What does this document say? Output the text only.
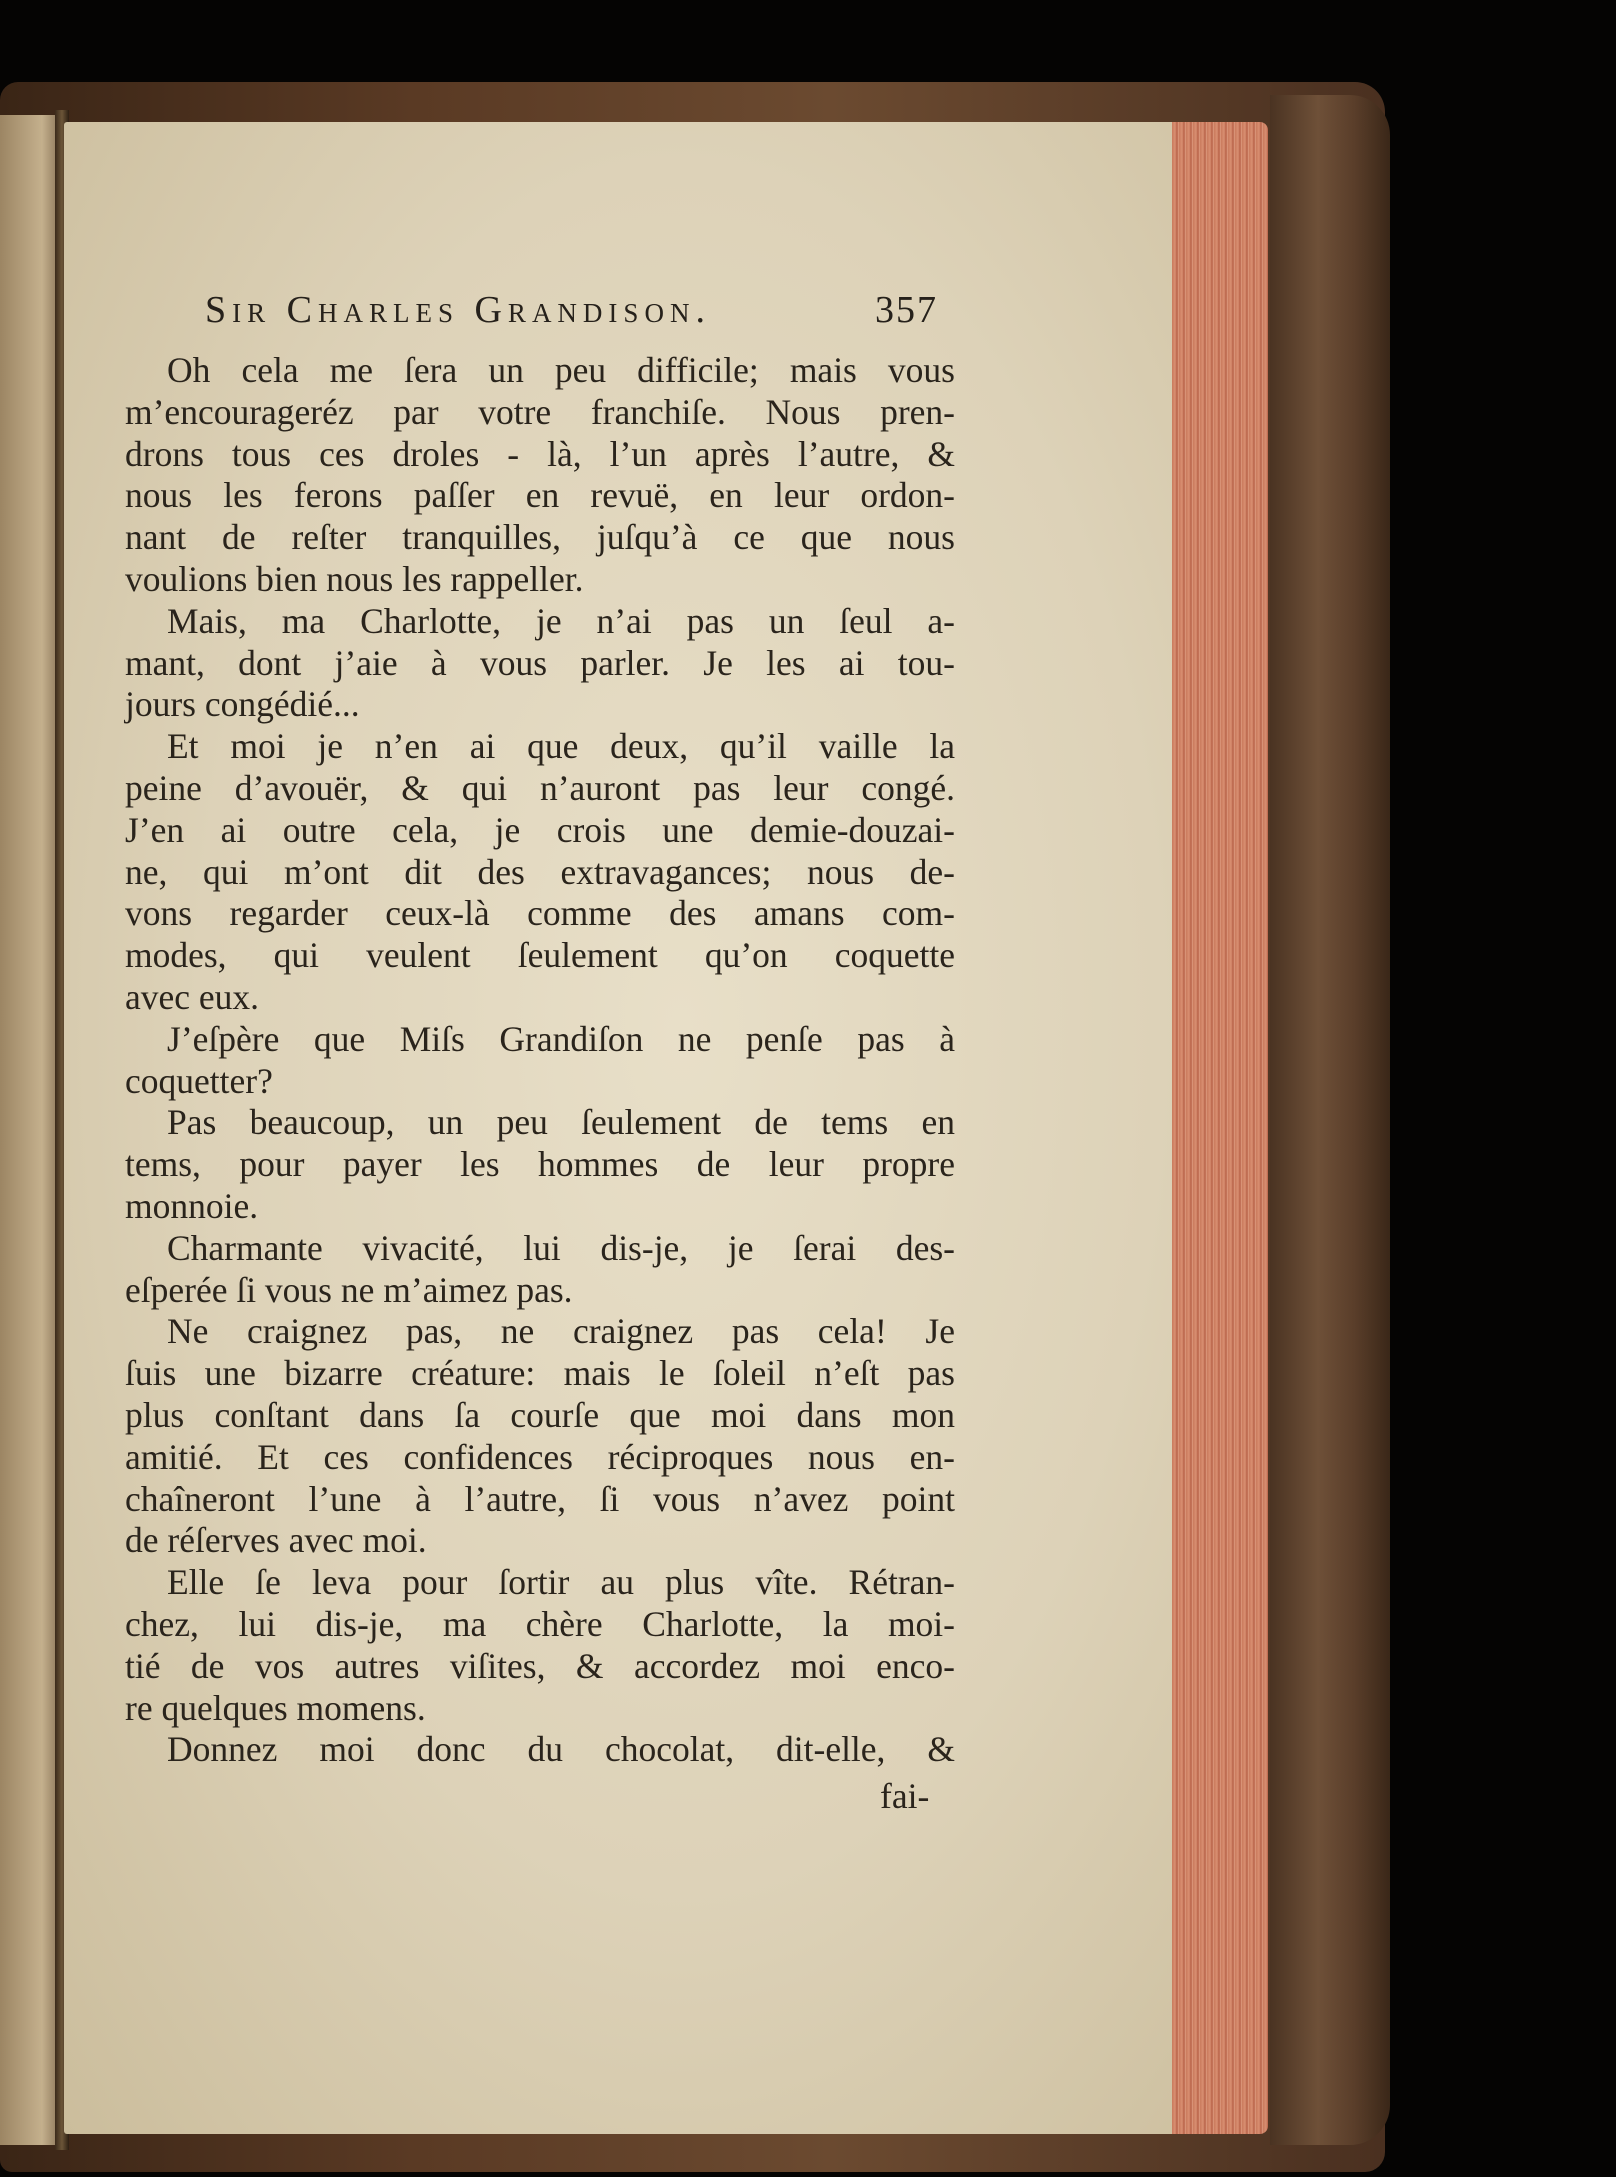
Sir Charles Grandison.	357
Oh cela me ſera un peu difficile; mais vous
m’encourageréz par votre franchiſe. Nous pren-
drons tous ces droles - là, l’un après l’autre, &
nous les ferons paſſer en revuë, en leur ordon-
nant de reſter tranquilles, juſqu’à ce que nous
voulions bien nous les rappeller.
Mais, ma Charlotte, je n’ai pas un ſeul a-
mant, dont j’aie à vous parler. Je les ai tou-
jours congédié...
Et moi je n’en ai que deux, qu’il vaille la
peine d’avouër, & qui n’auront pas leur congé.
J’en ai outre cela, je crois une demie-douzai-
ne, qui m’ont dit des extravagances; nous de-
vons regarder ceux-là comme des amans com-
modes, qui veulent ſeulement qu’on coquette
avec eux.
J’eſpère que Miſs Grandiſon ne penſe pas à
coquetter?
Pas beaucoup, un peu ſeulement de tems en
tems, pour payer les hommes de leur propre
monnoie.
Charmante vivacité, lui dis-je, je ſerai des-
eſperée ſi vous ne m’aimez pas.
Ne craignez pas, ne craignez pas cela! Je
ſuis une bizarre créature: mais le ſoleil n’eſt pas
plus conſtant dans ſa courſe que moi dans mon
amitié. Et ces confidences réciproques nous en-
chaîneront l’une à l’autre, ſi vous n’avez point
de réſerves avec moi.
Elle ſe leva pour ſortir au plus vîte. Rétran-
chez, lui dis-je, ma chère Charlotte, la moi-
tié de vos autres viſites, & accordez moi enco-
re quelques momens.
Donnez moi donc du chocolat, dit-elle, &
fai-
